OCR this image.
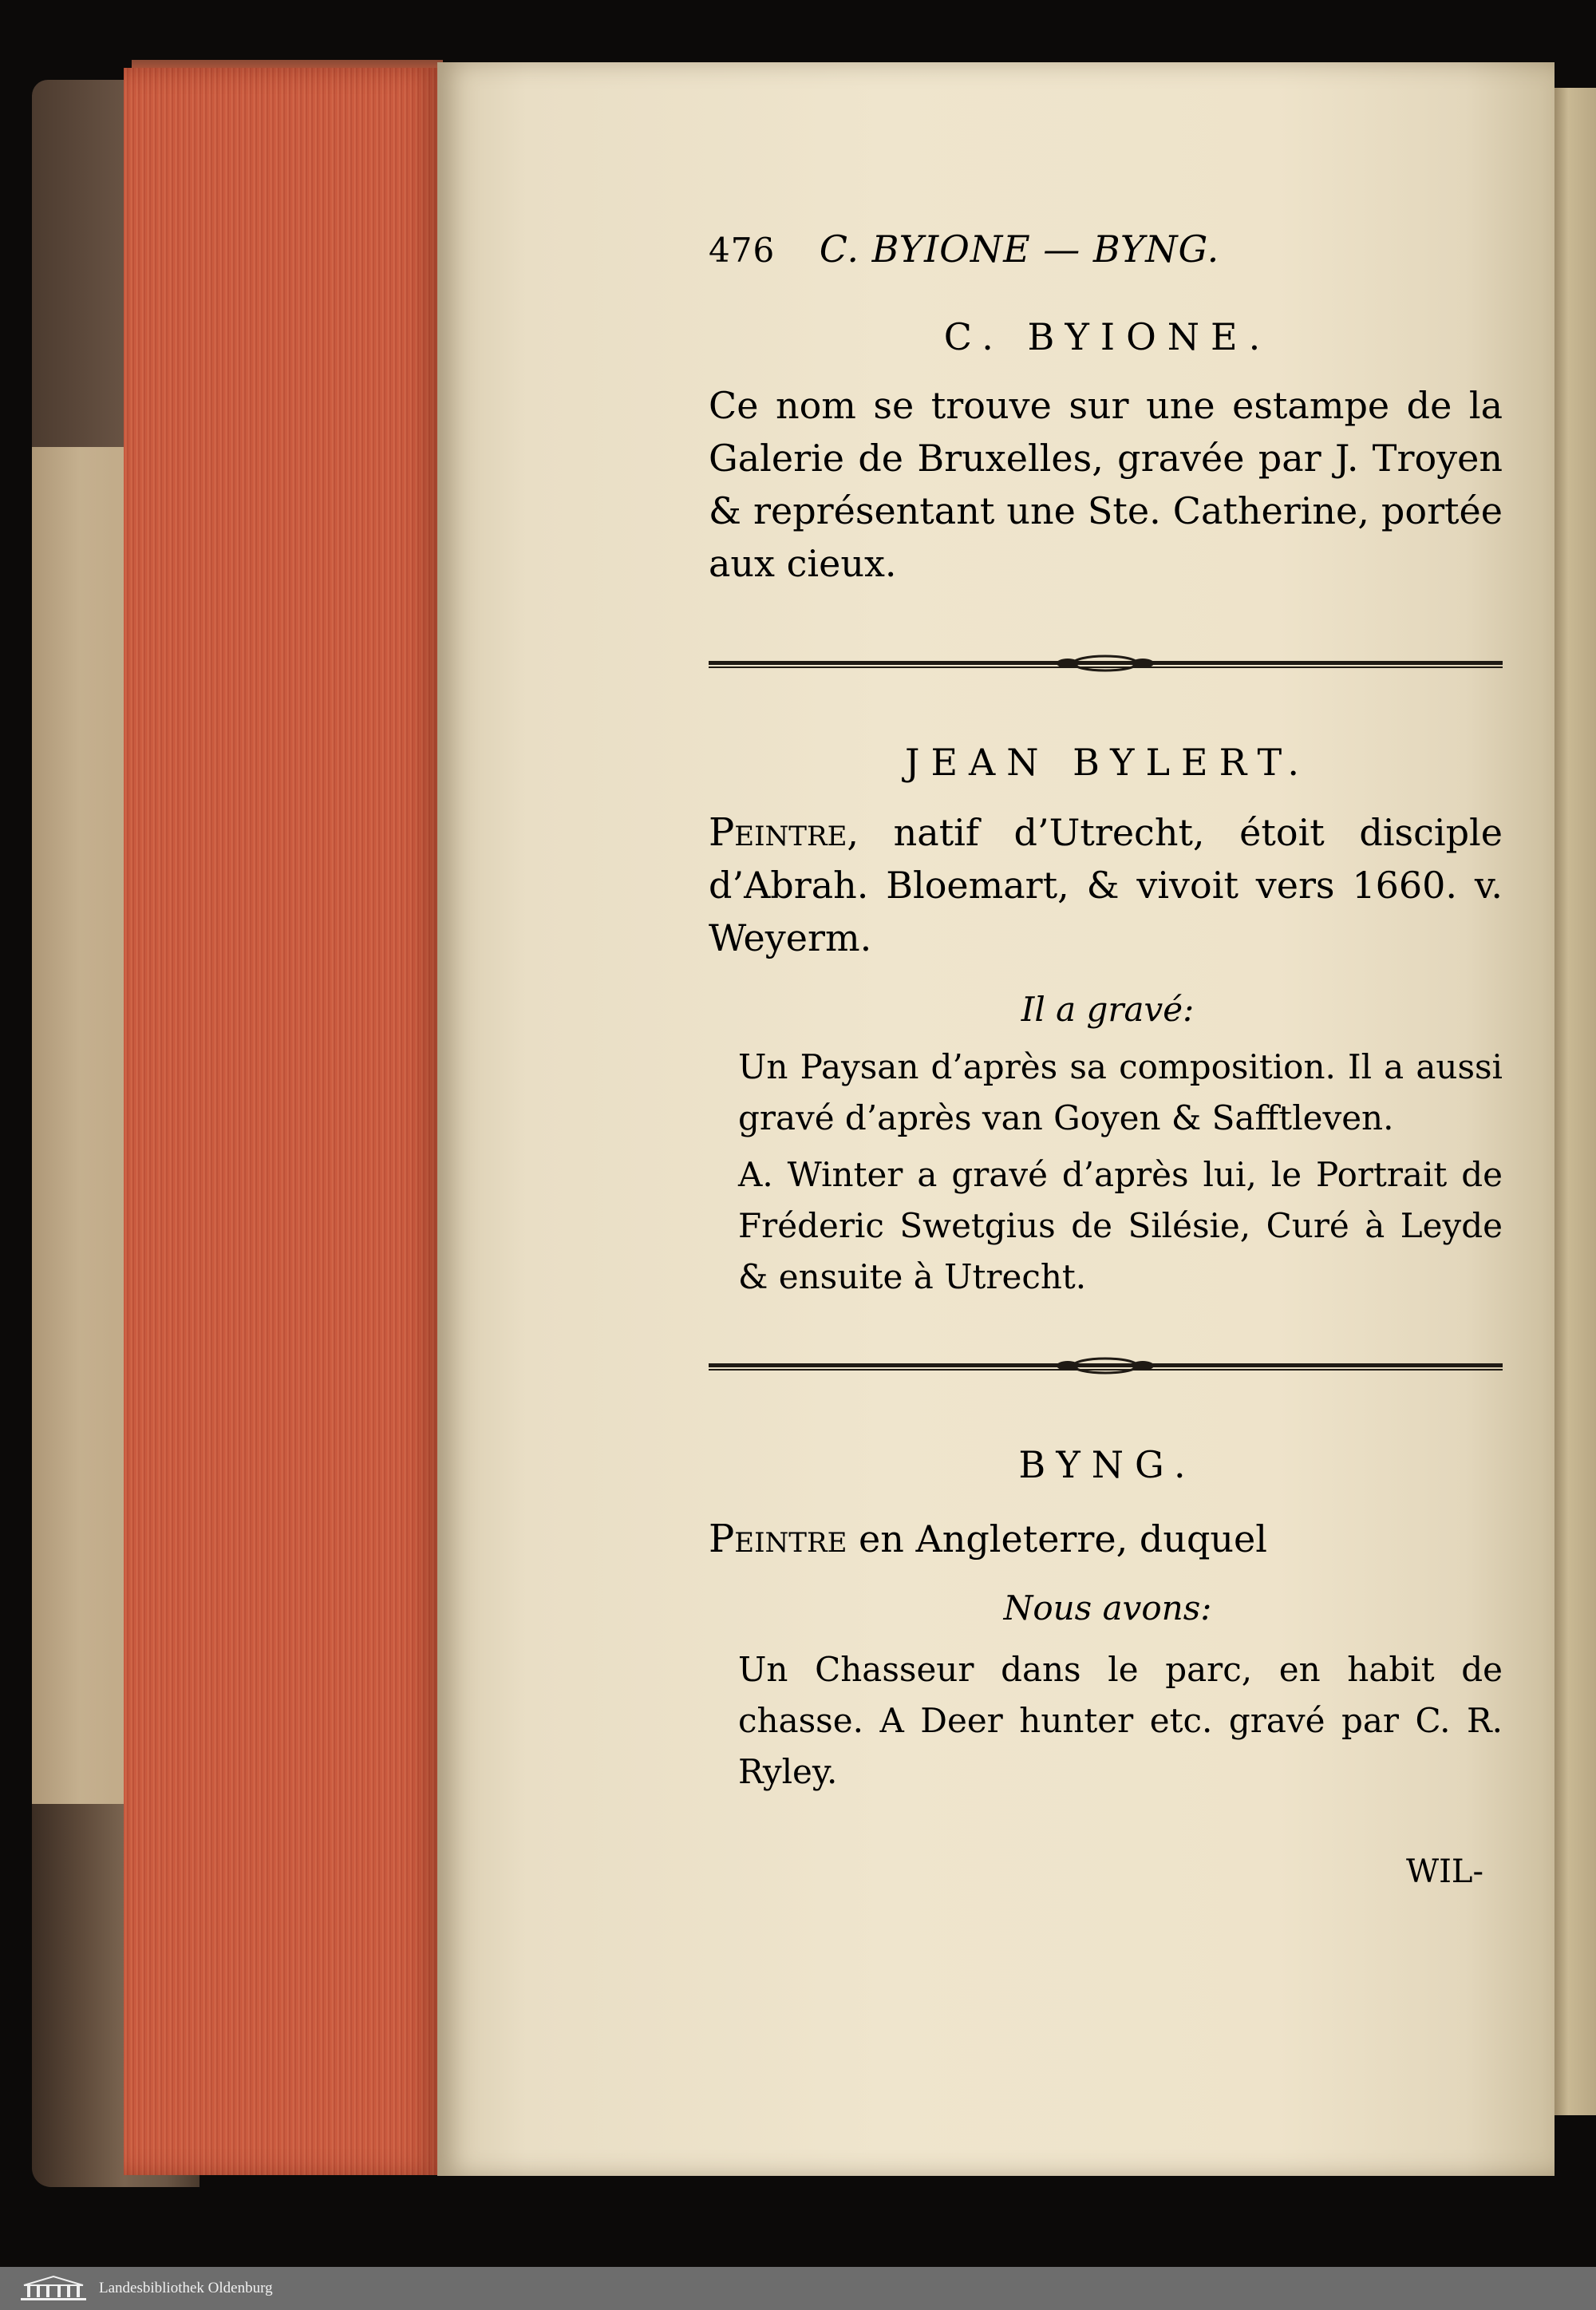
476 C. BYIONE — BYNG.
C. BYIONE.
Ce nom se trouve sur une estampe de la Galerie de Bruxelles, gravée par J. Troyen & représentant une Ste. Catherine, portée aux cieux.
JEAN BYLERT.
Peintre, natif d’Utrecht, étoit disciple d’Abrah. Bloemart, & vivoit vers 1660. v. Weyerm.
Il a gravé:
Un Paysan d’après sa composition. Il a aussi gravé d’après van Goyen & Safftleven.
A. Winter a gravé d’après lui, le Portrait de Fréderic Swetgius de Silésie, Curé à Leyde & ensuite à Utrecht.
BYNG.
Peintre en Angleterre, duquel
Nous avons:
Un Chasseur dans le parc, en habit de chasse. A Deer hunter etc. gravé par C. R. Ryley.
WIL-
Landesbibliothek Oldenburg
